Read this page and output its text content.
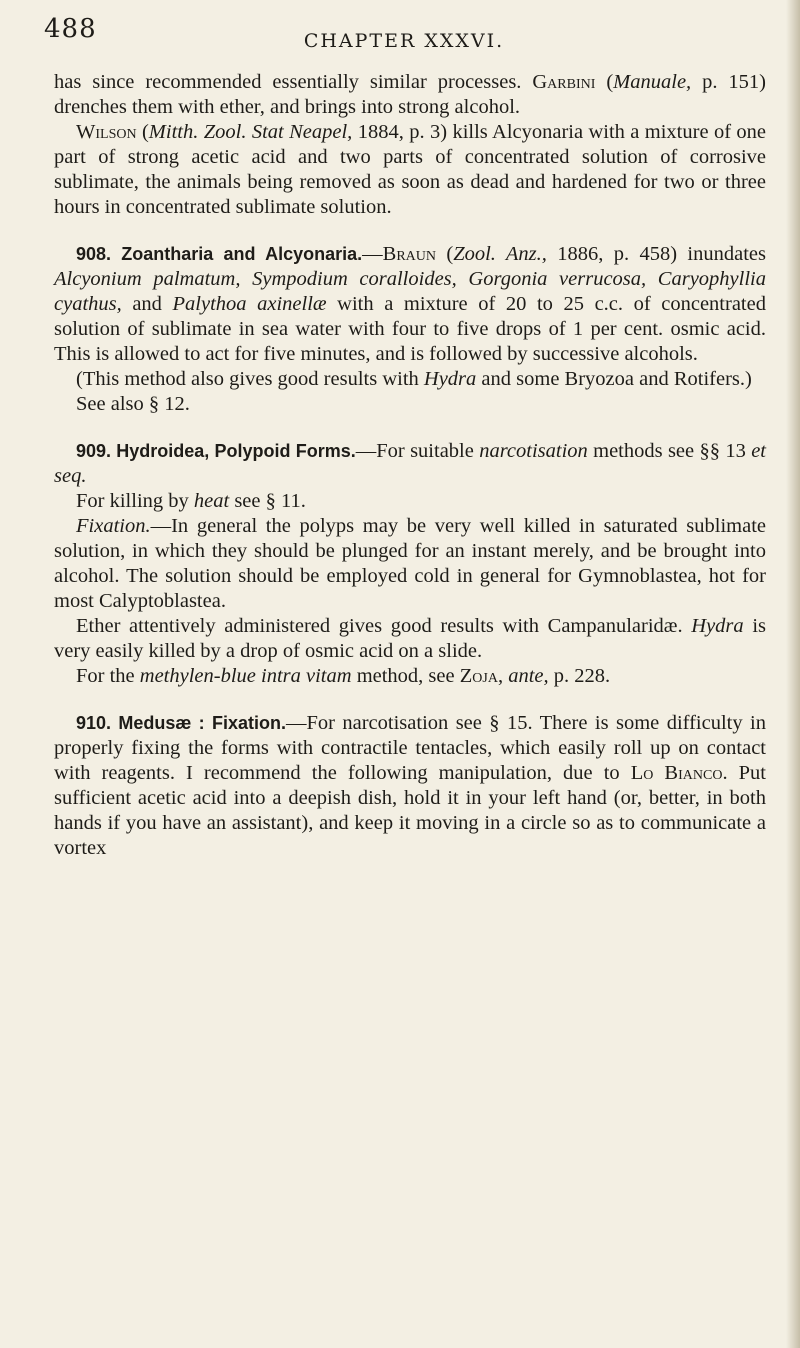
488	CHAPTER XXXVI.

has since recommended essentially similar processes. Garbini (Manuale, p. 151) drenches them with ether, and brings into strong alcohol.

Wilson (Mitth. Zool. Stat Neapel, 1884, p. 3) kills Alcyonaria with a mixture of one part of strong acetic acid and two parts of concentrated solution of corrosive sublimate, the animals being removed as soon as dead and hardened for two or three hours in concentrated sublimate solution.

908. Zoantharia and Alcyonaria.—Braun (Zool. Anz., 1886, p. 458) inundates Alcyonium palmatum, Sympodium coralloides, Gorgonia verrucosa, Caryophyllia cyathus, and Palythoa axinellæ with a mixture of 20 to 25 c.c. of concentrated solution of sublimate in sea water with four to five drops of 1 per cent. osmic acid. This is allowed to act for five minutes, and is followed by successive alcohols.

(This method also gives good results with Hydra and some Bryozoa and Rotifers.)

See also § 12.

909. Hydroidea, Polypoid Forms.—For suitable narcotisation methods see §§ 13 et seq.

For killing by heat see § 11.

Fixation.—In general the polyps may be very well killed in saturated sublimate solution, in which they should be plunged for an instant merely, and be brought into alcohol. The solution should be employed cold in general for Gymnoblastea, hot for most Calyptoblastea.

Ether attentively administered gives good results with Campanularidæ. Hydra is very easily killed by a drop of osmic acid on a slide.

For the methylen-blue intra vitam method, see Zoja, ante, p. 228.

910. Medusæ : Fixation.—For narcotisation see § 15. There is some difficulty in properly fixing the forms with contractile tentacles, which easily roll up on contact with reagents. I recommend the following manipulation, due to Lo Bianco. Put sufficient acetic acid into a deepish dish, hold it in your left hand (or, better, in both hands if you have an assistant), and keep it moving in a circle so as to communicate a vortex
